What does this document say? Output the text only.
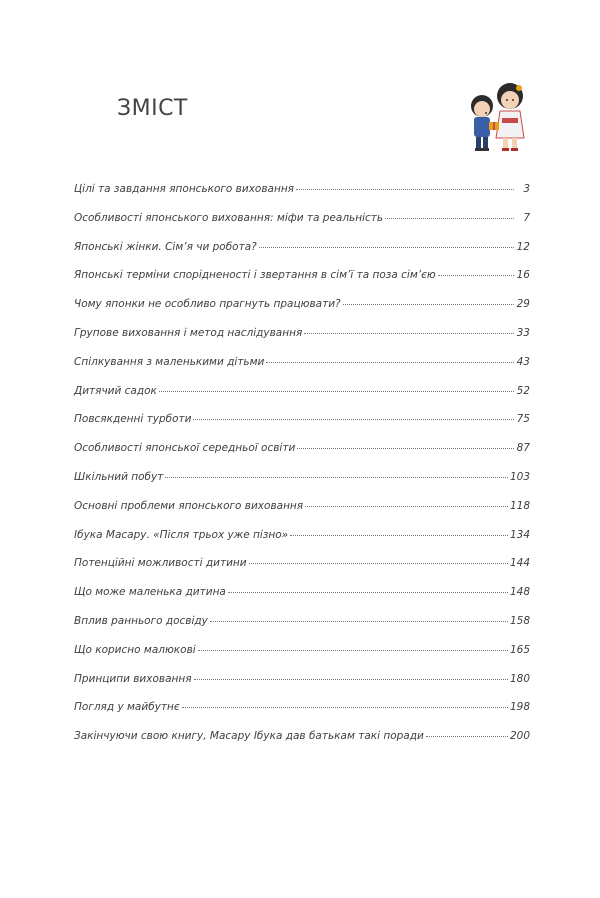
ЗМІСТ
Цілі та завдання японського виховання	3
Особливості японського виховання: міфи та реальність	7
Японські жінки. Сім’я чи робота?	12
Японські терміни спорідненості і звертання в сім’ї та поза сім’єю	16
Чому японки не особливо прагнуть працювати?	29
Групове виховання і метод наслідування	33
Спілкування з маленькими дітьми	43
Дитячий садок	52
Повсякденні турботи	75
Особливості японської середньої освіти	87
Шкільний побут	103
Основні проблеми японського виховання	118
Ібука Масару. «Після трьох уже пізно»	134
Потенційні можливості дитини	144
Що може маленька дитина	148
Вплив раннього досвіду	158
Що корисно малюкові	165
Принципи виховання	180
Погляд у майбутнє	198
Закінчуючи свою книгу, Масару Ібука дав батькам такі поради	200
